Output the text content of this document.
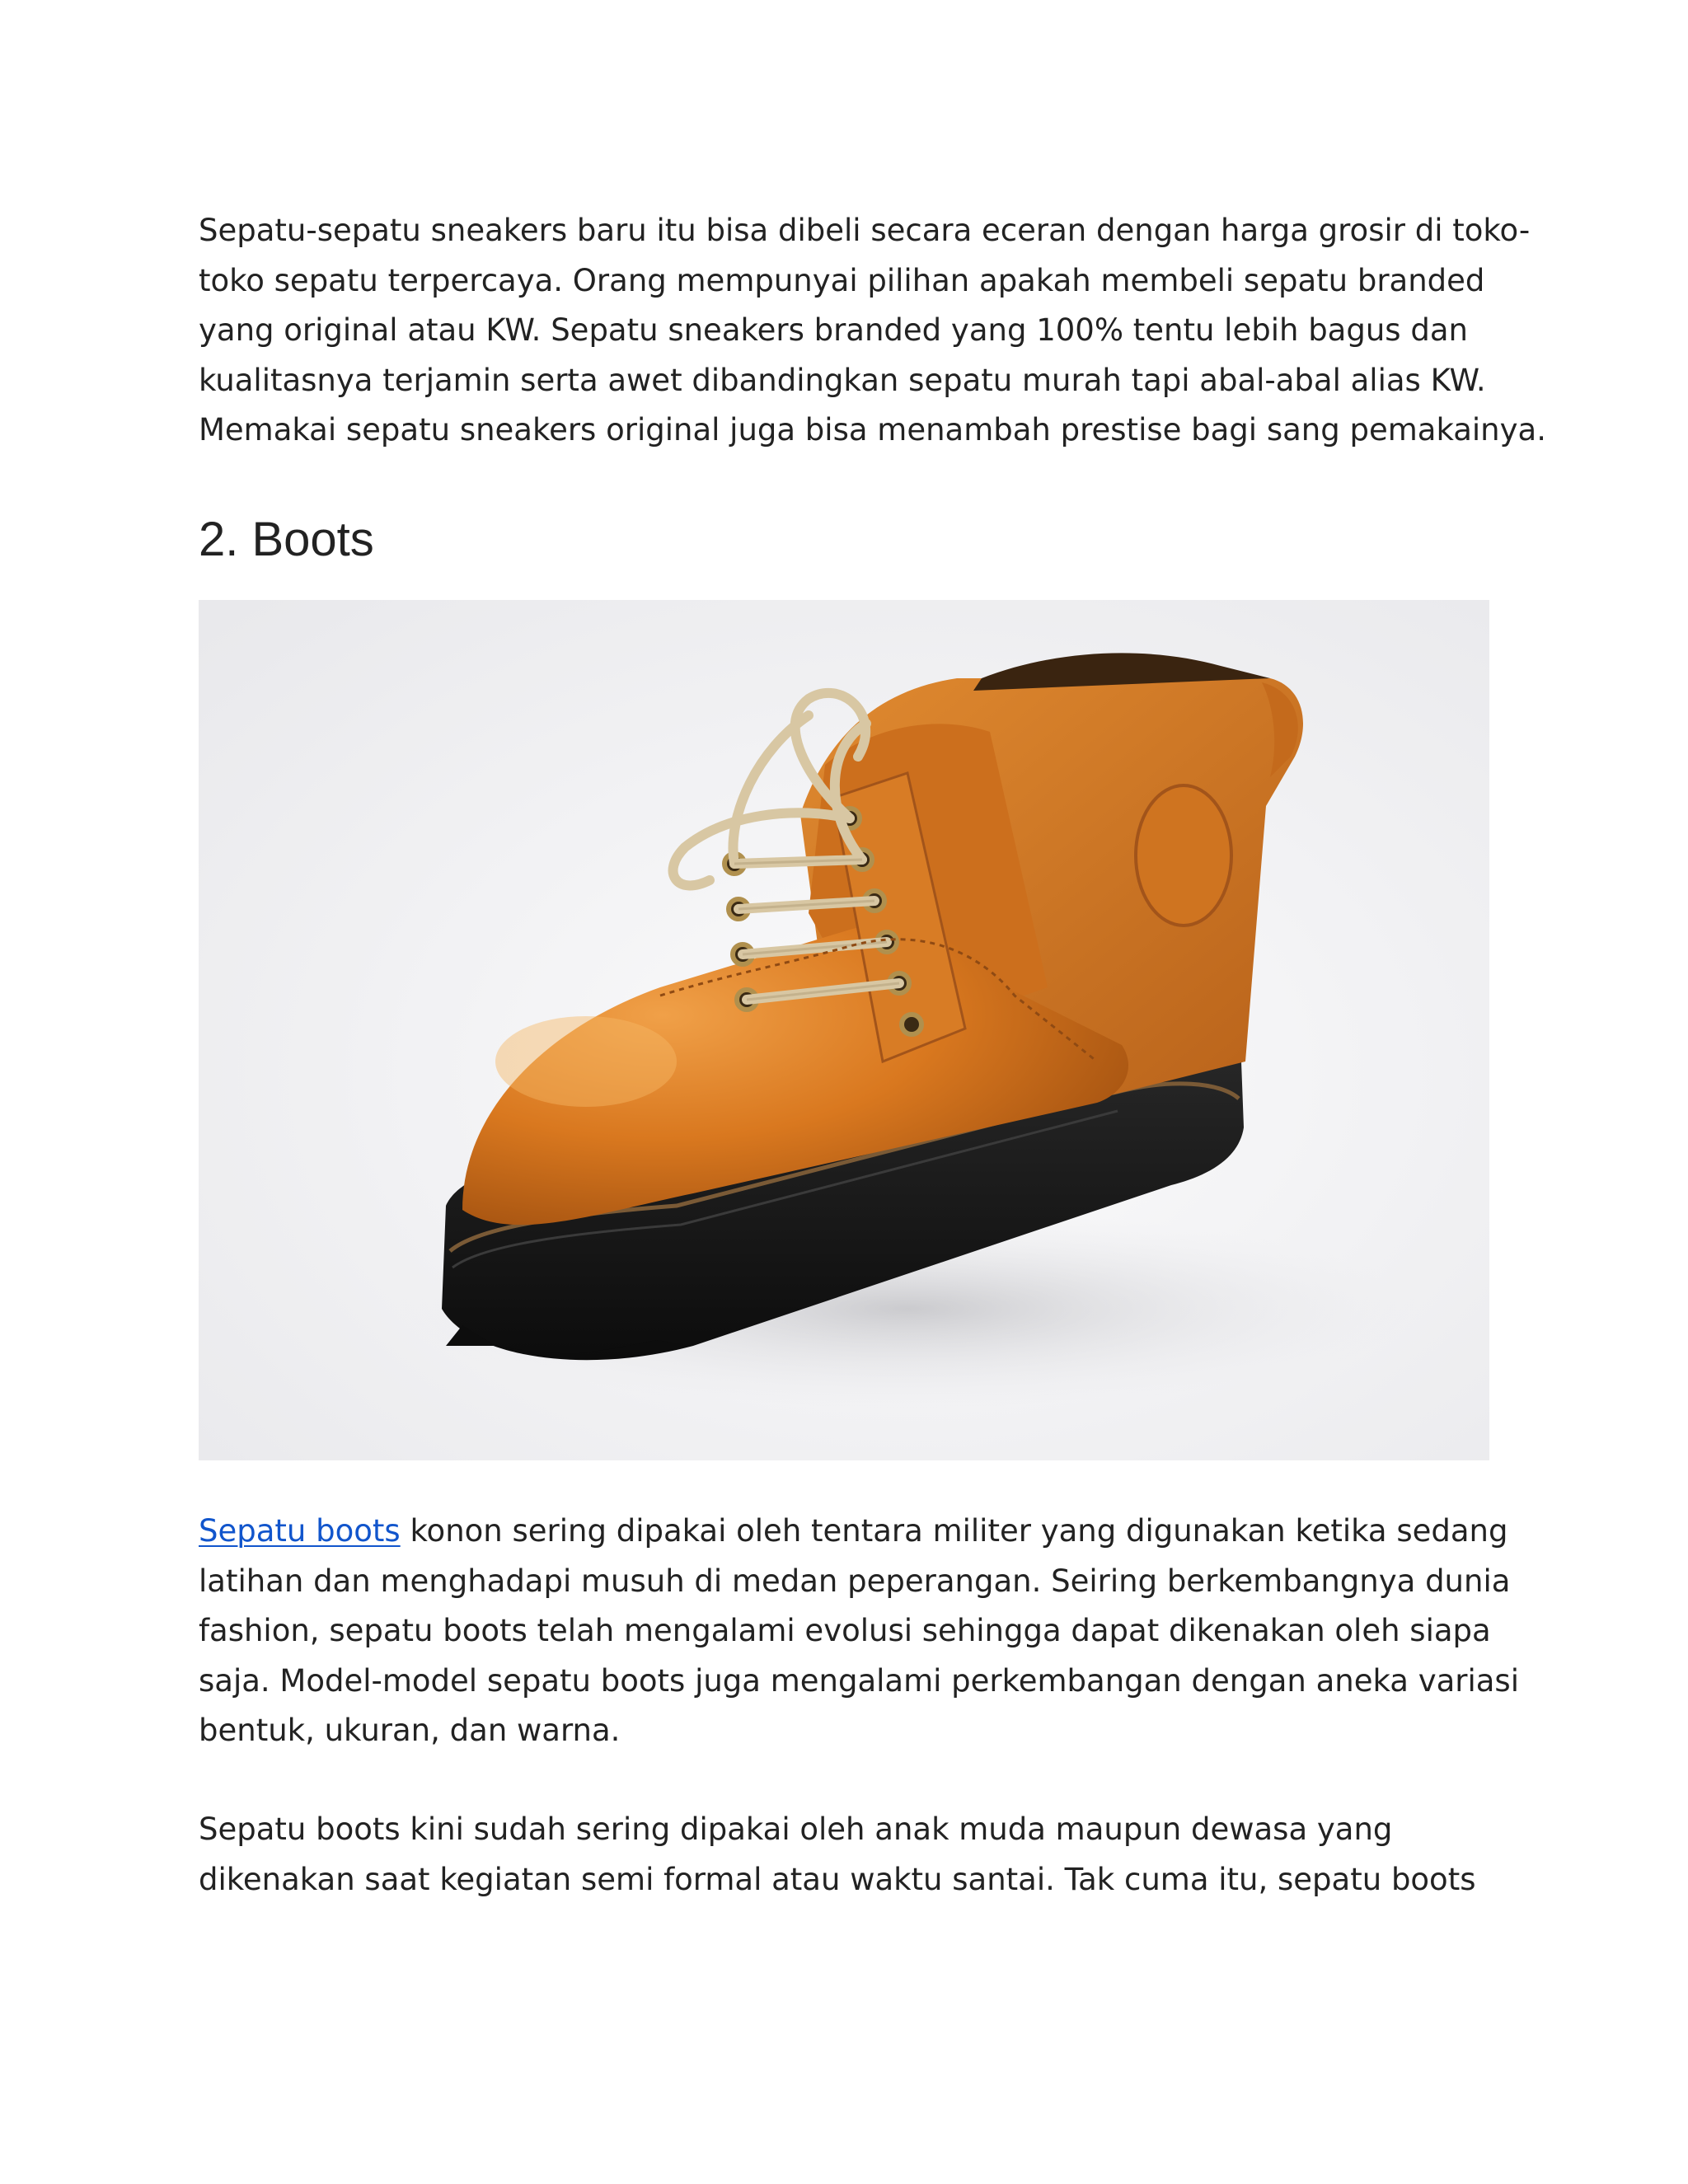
Sepatu-sepatu sneakers baru itu bisa dibeli secara eceran dengan harga grosir di toko-
toko sepatu terpercaya. Orang mempunyai pilihan apakah membeli sepatu branded
yang original atau KW. Sepatu sneakers branded yang 100% tentu lebih bagus dan
kualitasnya terjamin serta awet dibandingkan sepatu murah tapi abal-abal alias KW.
Memakai sepatu sneakers original juga bisa menambah prestise bagi sang pemakainya.

2. Boots

Sepatu boots konon sering dipakai oleh tentara militer yang digunakan ketika sedang
latihan dan menghadapi musuh di medan peperangan. Seiring berkembangnya dunia
fashion, sepatu boots telah mengalami evolusi sehingga dapat dikenakan oleh siapa
saja. Model-model sepatu boots juga mengalami perkembangan dengan aneka variasi
bentuk, ukuran, dan warna.

Sepatu boots kini sudah sering dipakai oleh anak muda maupun dewasa yang
dikenakan saat kegiatan semi formal atau waktu santai. Tak cuma itu, sepatu boots
